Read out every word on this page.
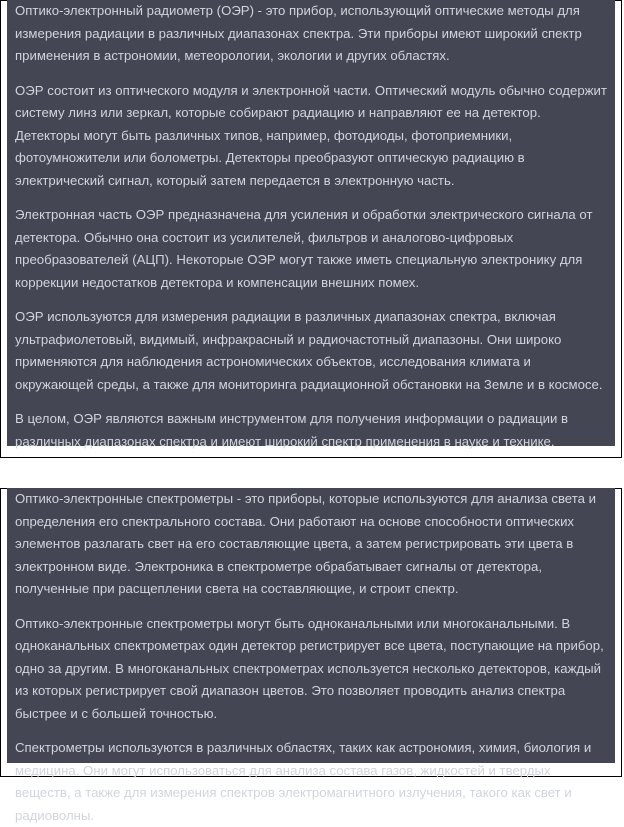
Оптико-электронный радиометр (ОЭР) - это прибор, использующий оптические методы для измерения радиации в различных диапазонах спектра. Эти приборы имеют широкий спектр применения в астрономии, метеорологии, экологии и других областях.

ОЭР состоит из оптического модуля и электронной части. Оптический модуль обычно содержит систему линз или зеркал, которые собирают радиацию и направляют ее на детектор. Детекторы могут быть различных типов, например, фотодиоды, фотоприемники, фотоумножители или болометры. Детекторы преобразуют оптическую радиацию в электрический сигнал, который затем передается в электронную часть.

Электронная часть ОЭР предназначена для усиления и обработки электрического сигнала от детектора. Обычно она состоит из усилителей, фильтров и аналогово-цифровых преобразователей (АЦП). Некоторые ОЭР могут также иметь специальную электронику для коррекции недостатков детектора и компенсации внешних помех.

ОЭР используются для измерения радиации в различных диапазонах спектра, включая ультрафиолетовый, видимый, инфракрасный и радиочастотный диапазоны. Они широко применяются для наблюдения астрономических объектов, исследования климата и окружающей среды, а также для мониторинга радиационной обстановки на Земле и в космосе.

В целом, ОЭР являются важным инструментом для получения информации о радиации в различных диапазонах спектра и имеют широкий спектр применения в науке и технике.

Оптико-электронные спектрометры - это приборы, которые используются для анализа света и определения его спектрального состава. Они работают на основе способности оптических элементов разлагать свет на его составляющие цвета, а затем регистрировать эти цвета в электронном виде. Электроника в спектрометре обрабатывает сигналы от детектора, полученные при расщеплении света на составляющие, и строит спектр.

Оптико-электронные спектрометры могут быть одноканальными или многоканальными. В одноканальных спектрометрах один детектор регистрирует все цвета, поступающие на прибор, одно за другим. В многоканальных спектрометрах используется несколько детекторов, каждый из которых регистрирует свой диапазон цветов. Это позволяет проводить анализ спектра быстрее и с большей точностью.

Спектрометры используются в различных областях, таких как астрономия, химия, биология и медицина. Они могут использоваться для анализа состава газов, жидкостей и твердых веществ, а также для измерения спектров электромагнитного излучения, такого как свет и радиоволны.
